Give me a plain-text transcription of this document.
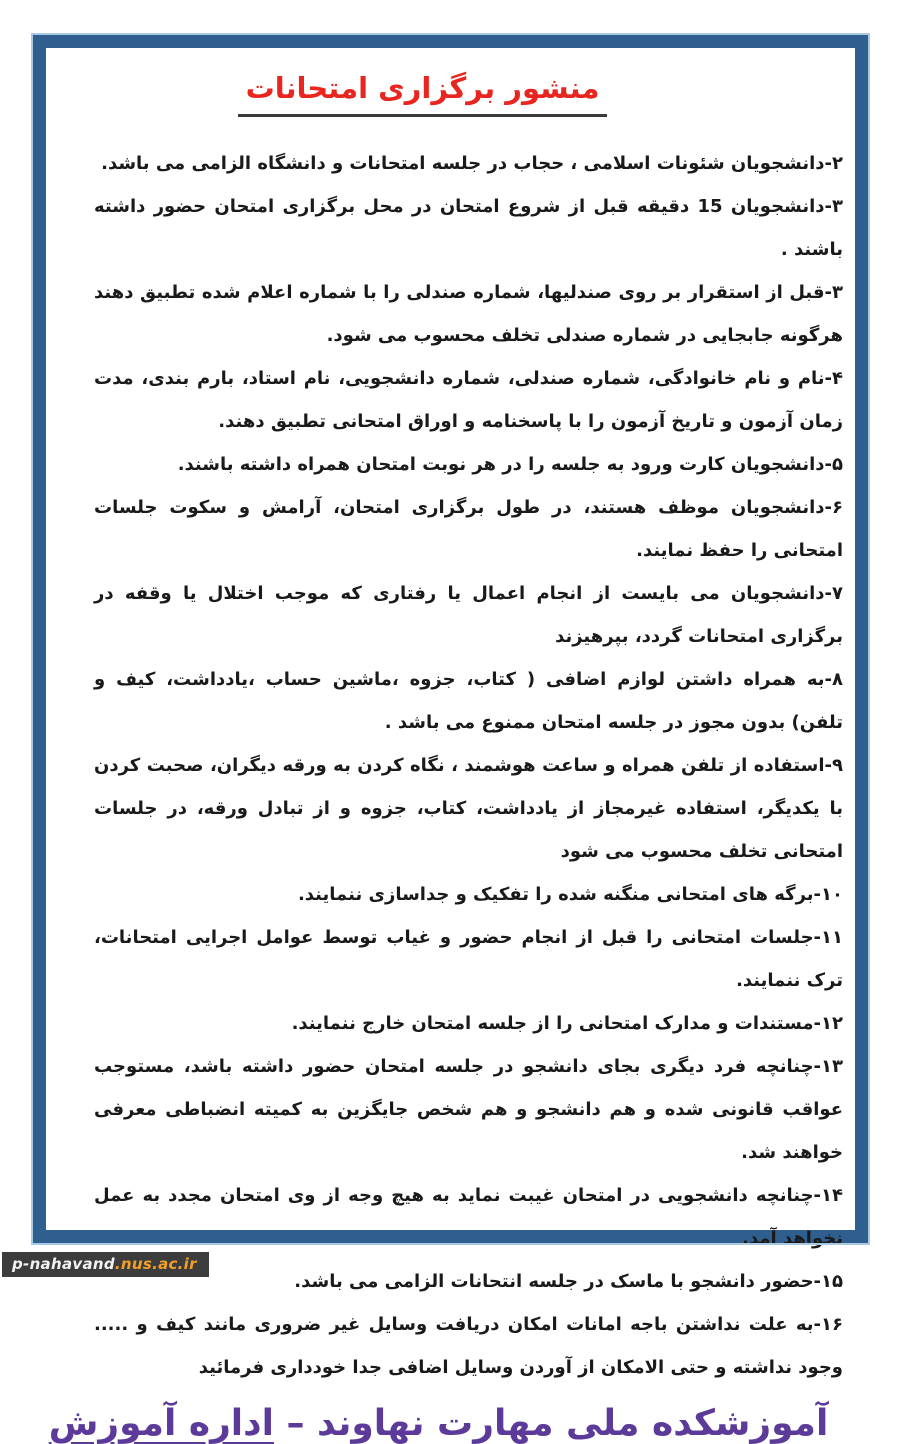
منشور برگزاری امتحانات

۲-دانشجویان شئونات اسلامی ، حجاب در جلسه امتحانات و دانشگاه الزامی می باشد.

۳-دانشجویان 15 دقیقه قبل از شروع امتحان در محل برگزاری امتحان حضور داشته باشند .

۳-قبل از استقرار بر روی صندلیها، شماره صندلی را با شماره اعلام شده تطبیق دهند هرگونه جابجایی در شماره صندلی تخلف محسوب می شود.

۴-نام و نام خانوادگی، شماره صندلی، شماره دانشجویی، نام استاد، بارم بندی، مدت زمان آزمون و تاریخ آزمون را با پاسخنامه و اوراق امتحانی تطبیق دهند.

۵-دانشجویان کارت ورود به جلسه را در هر نوبت امتحان همراه داشته باشند.

۶-دانشجویان موظف هستند، در طول برگزاری امتحان، آرامش و سکوت جلسات امتحانی را حفظ نمایند.

۷-دانشجویان می بایست از انجام اعمال یا رفتاری که موجب اختلال یا وقفه در برگزاری امتحانات گردد، بپرهیزند

۸-به همراه داشتن لوازم اضافی ( کتاب، جزوه ،ماشین حساب ،یادداشت، کیف و تلفن) بدون مجوز در جلسه امتحان ممنوع می باشد .

۹-استفاده از تلفن همراه و ساعت هوشمند ، نگاه کردن به ورقه دیگران، صحبت کردن با یکدیگر، استفاده غیرمجاز از یادداشت، کتاب، جزوه و از تبادل ورقه، در جلسات امتحانی تخلف محسوب می شود

۱۰-برگه های امتحانی منگنه شده را تفکیک و جداسازی ننمایند.

۱۱-جلسات امتحانی را قبل از انجام حضور و غیاب توسط عوامل اجرایی امتحانات، ترک ننمایند.

۱۲-مستندات و مدارک امتحانی را از جلسه امتحان خارج ننمایند.

۱۳-چنانچه فرد دیگری بجای دانشجو در جلسه امتحان حضور داشته باشد، مستوجب عواقب قانونی شده و هم دانشجو و هم شخص جایگزین به کمیته انضباطی معرفی خواهند شد.

۱۴-چنانچه دانشجویی در امتحان غیبت نماید به هیچ وجه از وی امتحان مجدد به عمل نخواهد آمد.

۱۵-حضور دانشجو با ماسک در جلسه انتحانات الزامی می باشد.

۱۶-به علت نداشتن باجه امانات امکان دریافت وسایل غیر ضروری مانند کیف و ..... وجود نداشته و حتی الامکان از آوردن وسایل اضافی جدا خودداری فرمائید

آموزشکده ملی مهارت نهاوند – اداره آموزش
p-nahavand.nus.ac.ir
